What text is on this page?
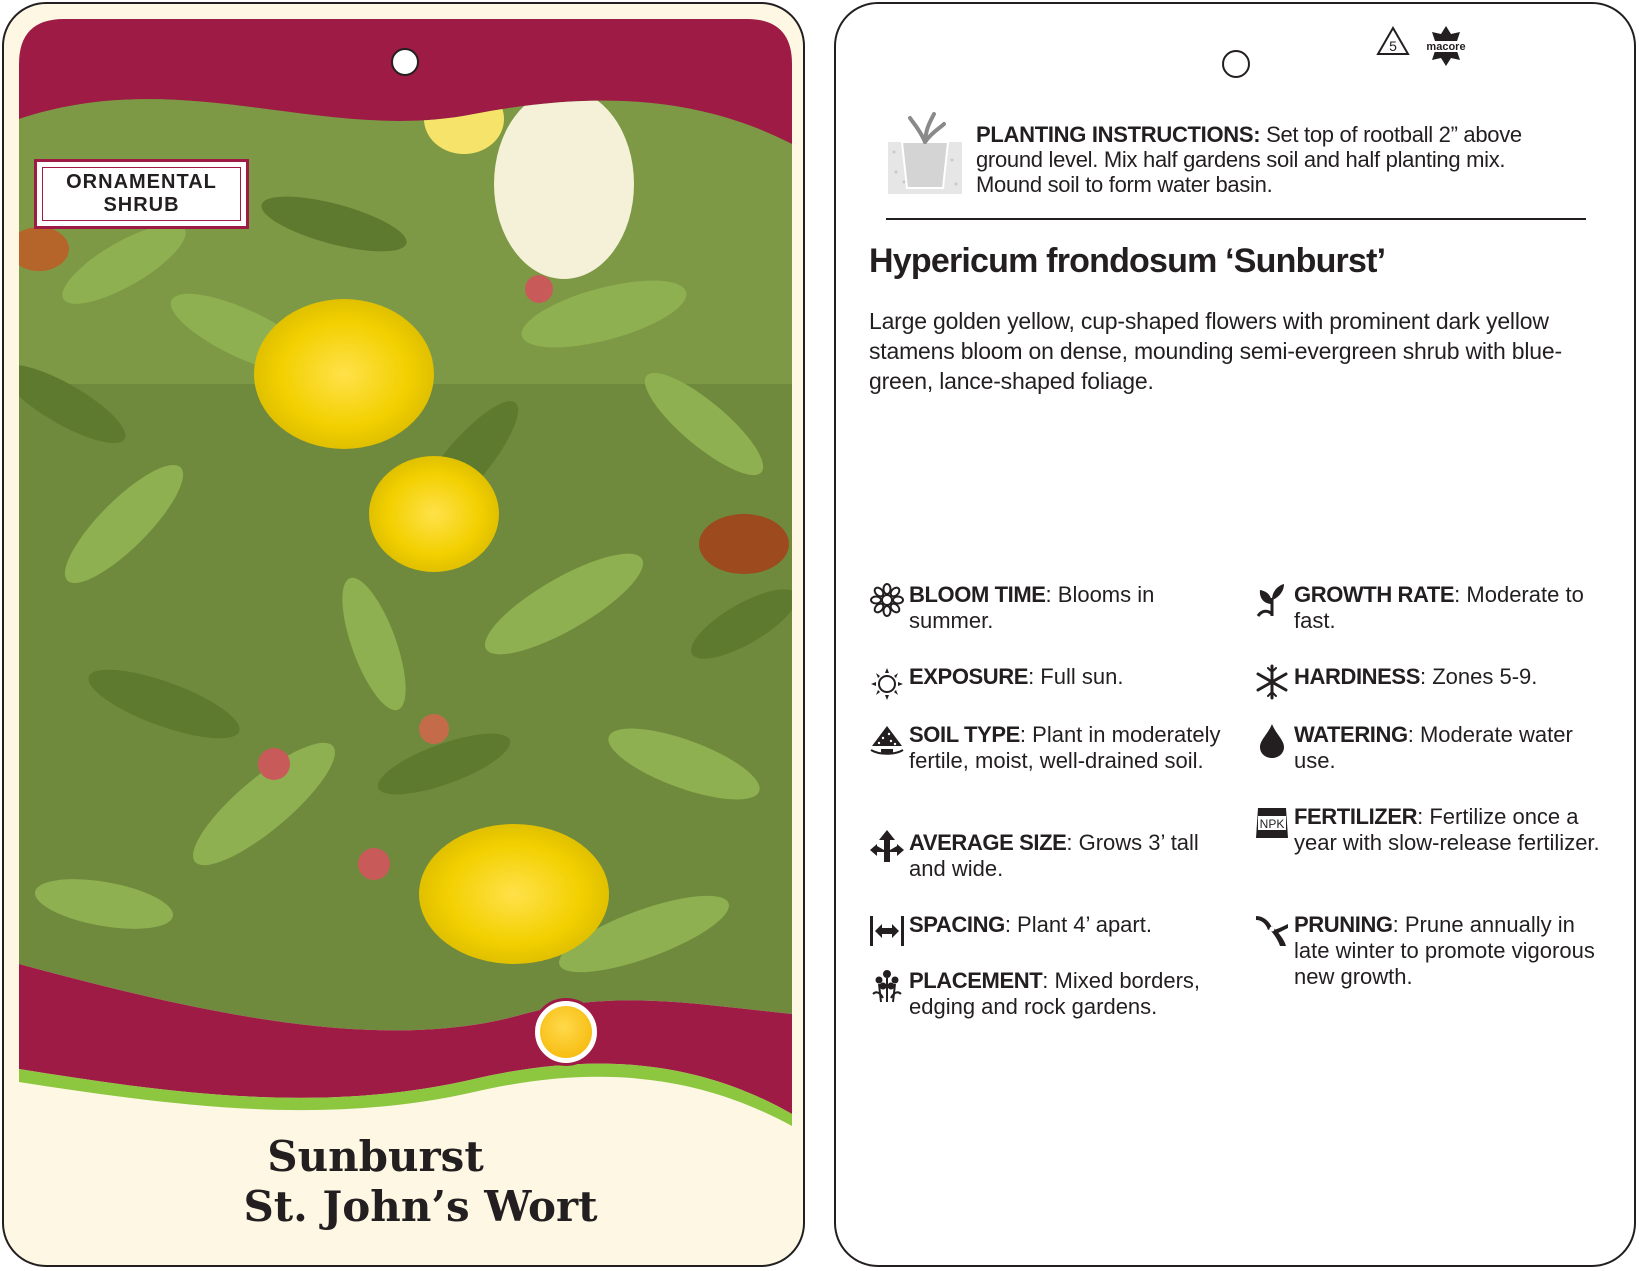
ORNAMENTAL
SHRUB
Sunburst
St. John’s Wort
5	macore

PLANTING INSTRUCTIONS: Set top of rootball 2” above ground level. Mix half gardens soil and half planting mix. Mound soil to form water basin.

Hypericum frondosum ‘Sunburst’

Large golden yellow, cup-shaped flowers with prominent dark yellow stamens bloom on dense, mounding semi-evergreen shrub with blue-green, lance-shaped foliage.

BLOOM TIME: Blooms in summer.
EXPOSURE: Full sun.
SOIL TYPE: Plant in moderately fertile, moist, well-drained soil.
AVERAGE SIZE: Grows 3’ tall and wide.
SPACING: Plant 4’ apart.
PLACEMENT: Mixed borders, edging and rock gardens.
GROWTH RATE: Moderate to fast.
HARDINESS: Zones 5-9.
WATERING: Moderate water use.
NPK FERTILIZER: Fertilize once a year with slow-release fertilizer.
PRUNING: Prune annually in late winter to promote vigorous new growth.
